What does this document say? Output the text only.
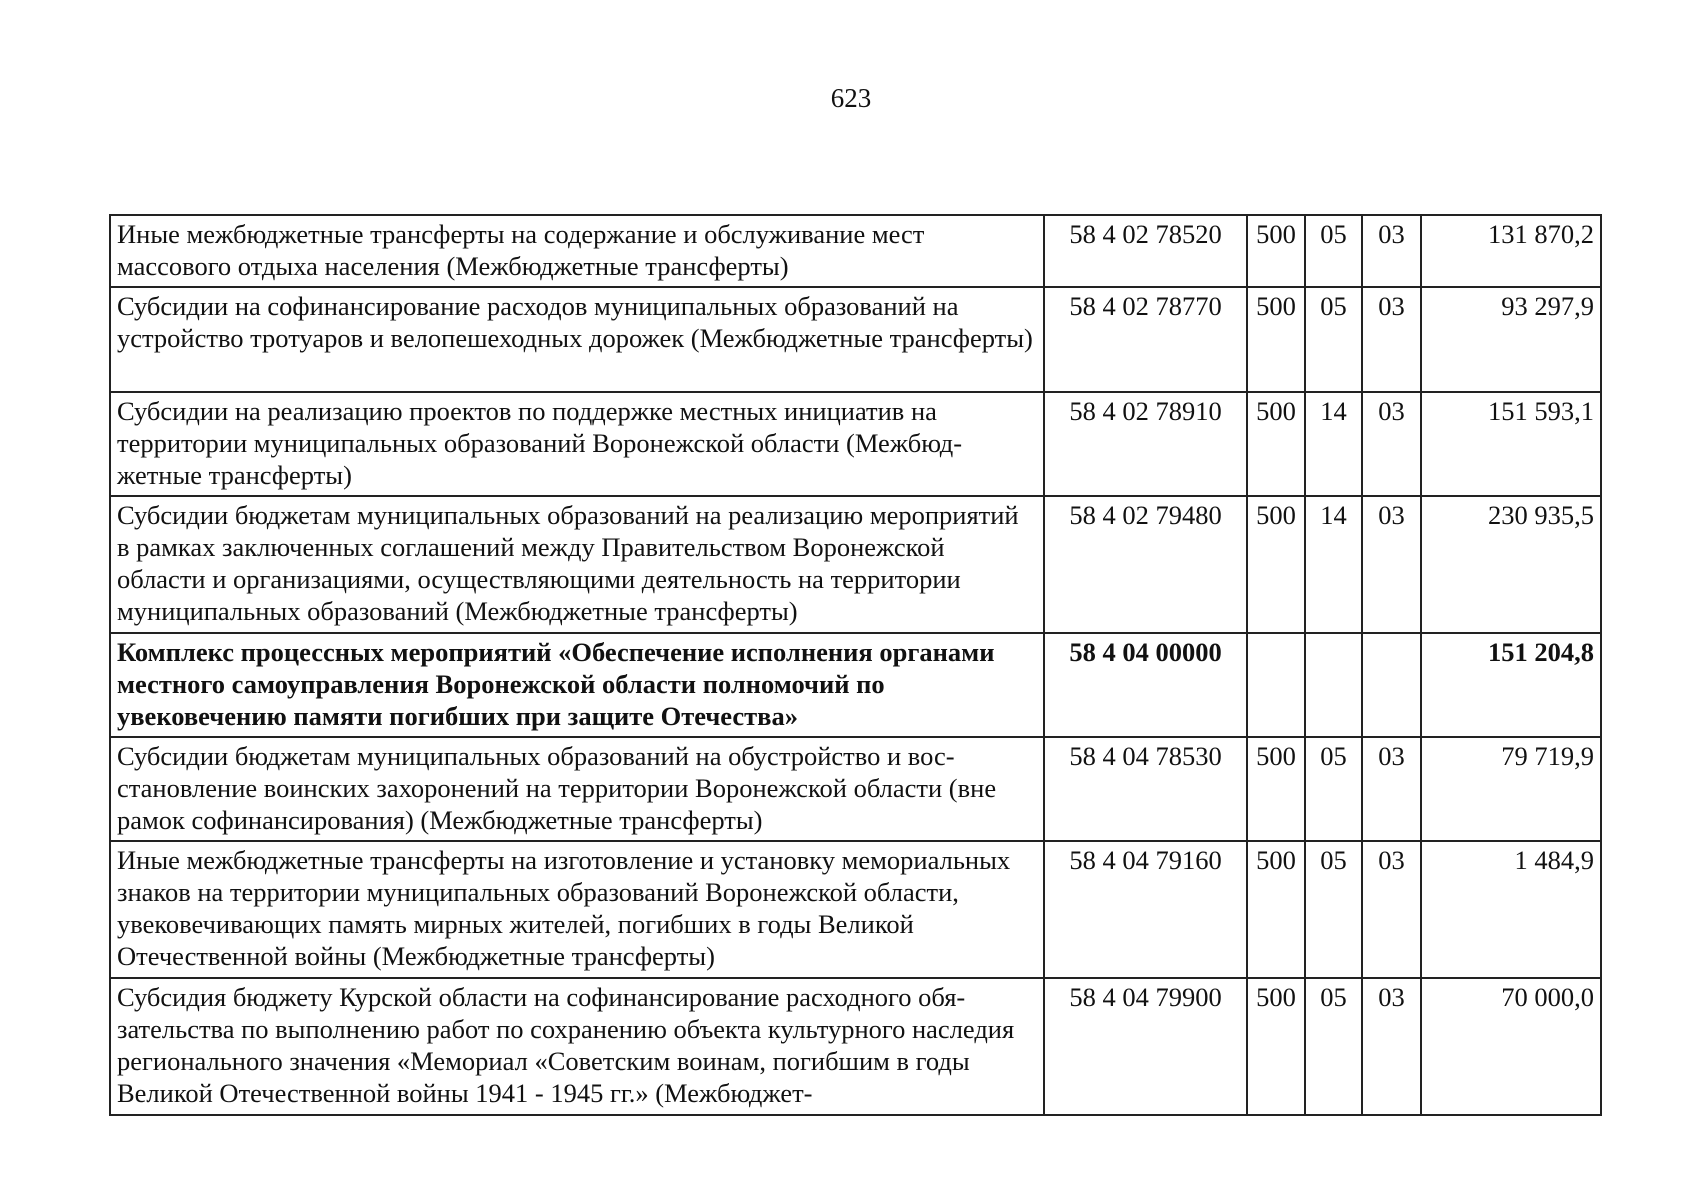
623
Иные межбюджетные трансферты на содержание и обслуживание мест массового отдыха населения (Межбюджетные трансферты)	58 4 02 78520	500	05	03	131 870,2
Субсидии на софинансирование расходов муниципальных образований на устройство тротуаров и велопешеходных дорожек (Межбюджетные трансферты)	58 4 02 78770	500	05	03	93 297,9
Субсидии на реализацию проектов по поддержке местных инициатив на территории муниципальных образований Воронежской области (Межбюджетные трансферты)	58 4 02 78910	500	14	03	151 593,1
Субсидии бюджетам муниципальных образований на реализацию мероприятий в рамках заключенных соглашений между Правительством Воронежской области и организациями, осуществляющими деятельность на территории муниципальных образований (Межбюджетные трансферты)	58 4 02 79480	500	14	03	230 935,5
Комплекс процессных мероприятий «Обеспечение исполнения органами местного самоуправления Воронежской области полномочий по увековечению памяти погибших при защите Отечества»	58 4 04 00000				151 204,8
Субсидии бюджетам муниципальных образований на обустройство и восстановление воинских захоронений на территории Воронежской области (вне рамок софинансирования) (Межбюджетные трансферты)	58 4 04 78530	500	05	03	79 719,9
Иные межбюджетные трансферты на изготовление и установку мемориальных знаков на территории муниципальных образований Воронежской области, увековечивающих память мирных жителей, погибших в годы Великой Отечественной войны (Межбюджетные трансферты)	58 4 04 79160	500	05	03	1 484,9
Субсидия бюджету Курской области на софинансирование расходного обязательства по выполнению работ по сохранению объекта культурного наследия регионального значения «Мемориал «Советским воинам, погибшим в годы Великой Отечественной войны 1941 - 1945 гг.» (Межбюджет-	58 4 04 79900	500	05	03	70 000,0
